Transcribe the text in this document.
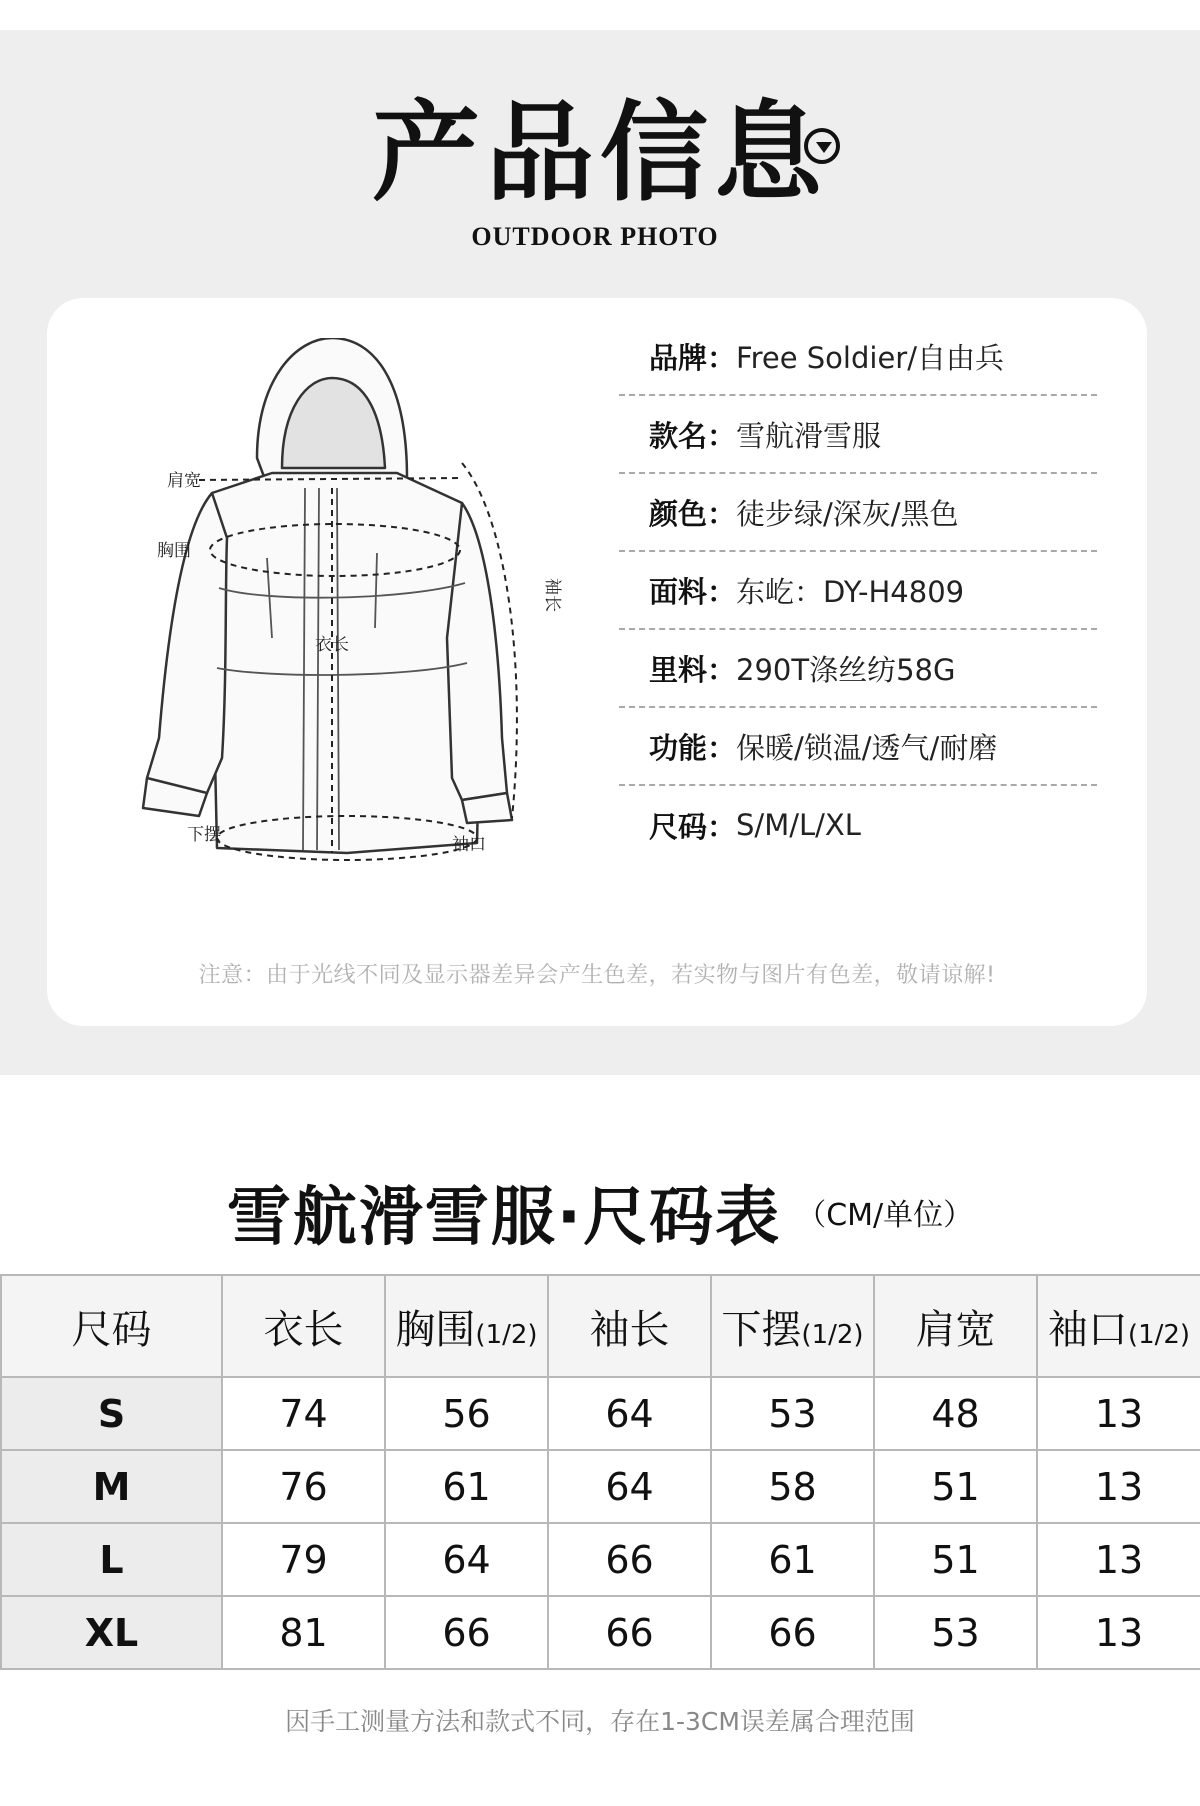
产品信息
OUTDOOR PHOTO
肩宽
胸围
衣长
袖长
下摆
袖口
品牌： Free Soldier/自由兵
款名： 雪航滑雪服
颜色： 徒步绿/深灰/黑色
面料： 东屹：DY-H4809
里料： 290T涤丝纺58G
功能： 保暖/锁温/透气/耐磨
尺码： S/M/L/XL
注意：由于光线不同及显示器差异会产生色差，若实物与图片有色差，敬请谅解!
雪航滑雪服·尺码表 （CM/单位）
尺码	衣长	胸围(1/2)	袖长	下摆(1/2)	肩宽	袖口(1/2)
S	74	56	64	53	48	13
M	76	61	64	58	51	13
L	79	64	66	61	51	13
XL	81	66	66	66	53	13
因手工测量方法和款式不同，存在1-3CM误差属合理范围
